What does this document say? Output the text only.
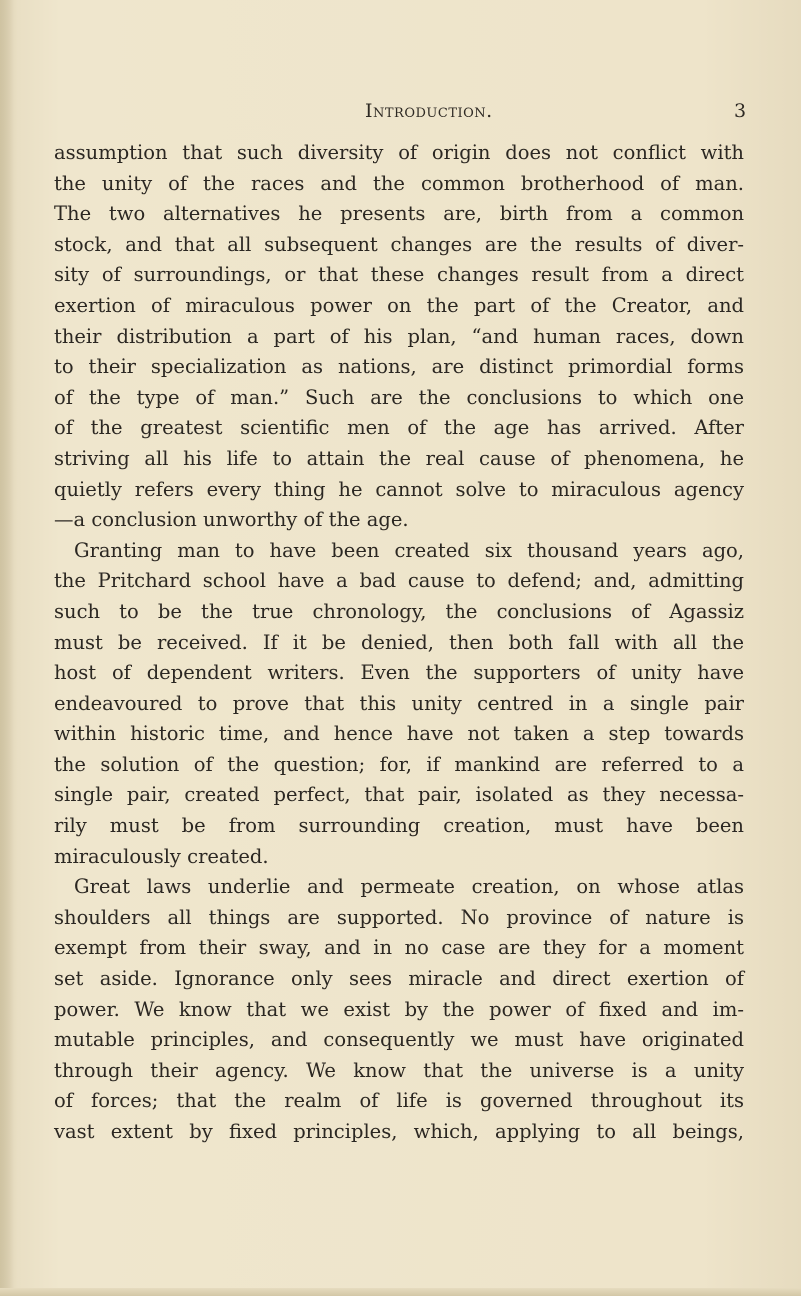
Introduction.	3
assumption that such diversity of origin does not conflict with
the unity of the races and the common brotherhood of man.
The two alternatives he presents are, birth from a common
stock, and that all subsequent changes are the results of diver-
sity of surroundings, or that these changes result from a direct
exertion of miraculous power on the part of the Creator, and
their distribution a part of his plan, “and human races, down
to their specialization as nations, are distinct primordial forms
of the type of man.” Such are the conclusions to which one
of the greatest scientific men of the age has arrived. After
striving all his life to attain the real cause of phenomena, he
quietly refers every thing he cannot solve to miraculous agency
—a conclusion unworthy of the age.
Granting man to have been created six thousand years ago,
the Pritchard school have a bad cause to defend; and, admitting
such to be the true chronology, the conclusions of Agassiz
must be received. If it be denied, then both fall with all the
host of dependent writers. Even the supporters of unity have
endeavoured to prove that this unity centred in a single pair
within historic time, and hence have not taken a step towards
the solution of the question; for, if mankind are referred to a
single pair, created perfect, that pair, isolated as they necessa-
rily must be from surrounding creation, must have been
miraculously created.
Great laws underlie and permeate creation, on whose atlas
shoulders all things are supported. No province of nature is
exempt from their sway, and in no case are they for a moment
set aside. Ignorance only sees miracle and direct exertion of
power. We know that we exist by the power of fixed and im-
mutable principles, and consequently we must have originated
through their agency. We know that the universe is a unity
of forces; that the realm of life is governed throughout its
vast extent by fixed principles, which, applying to all beings,
